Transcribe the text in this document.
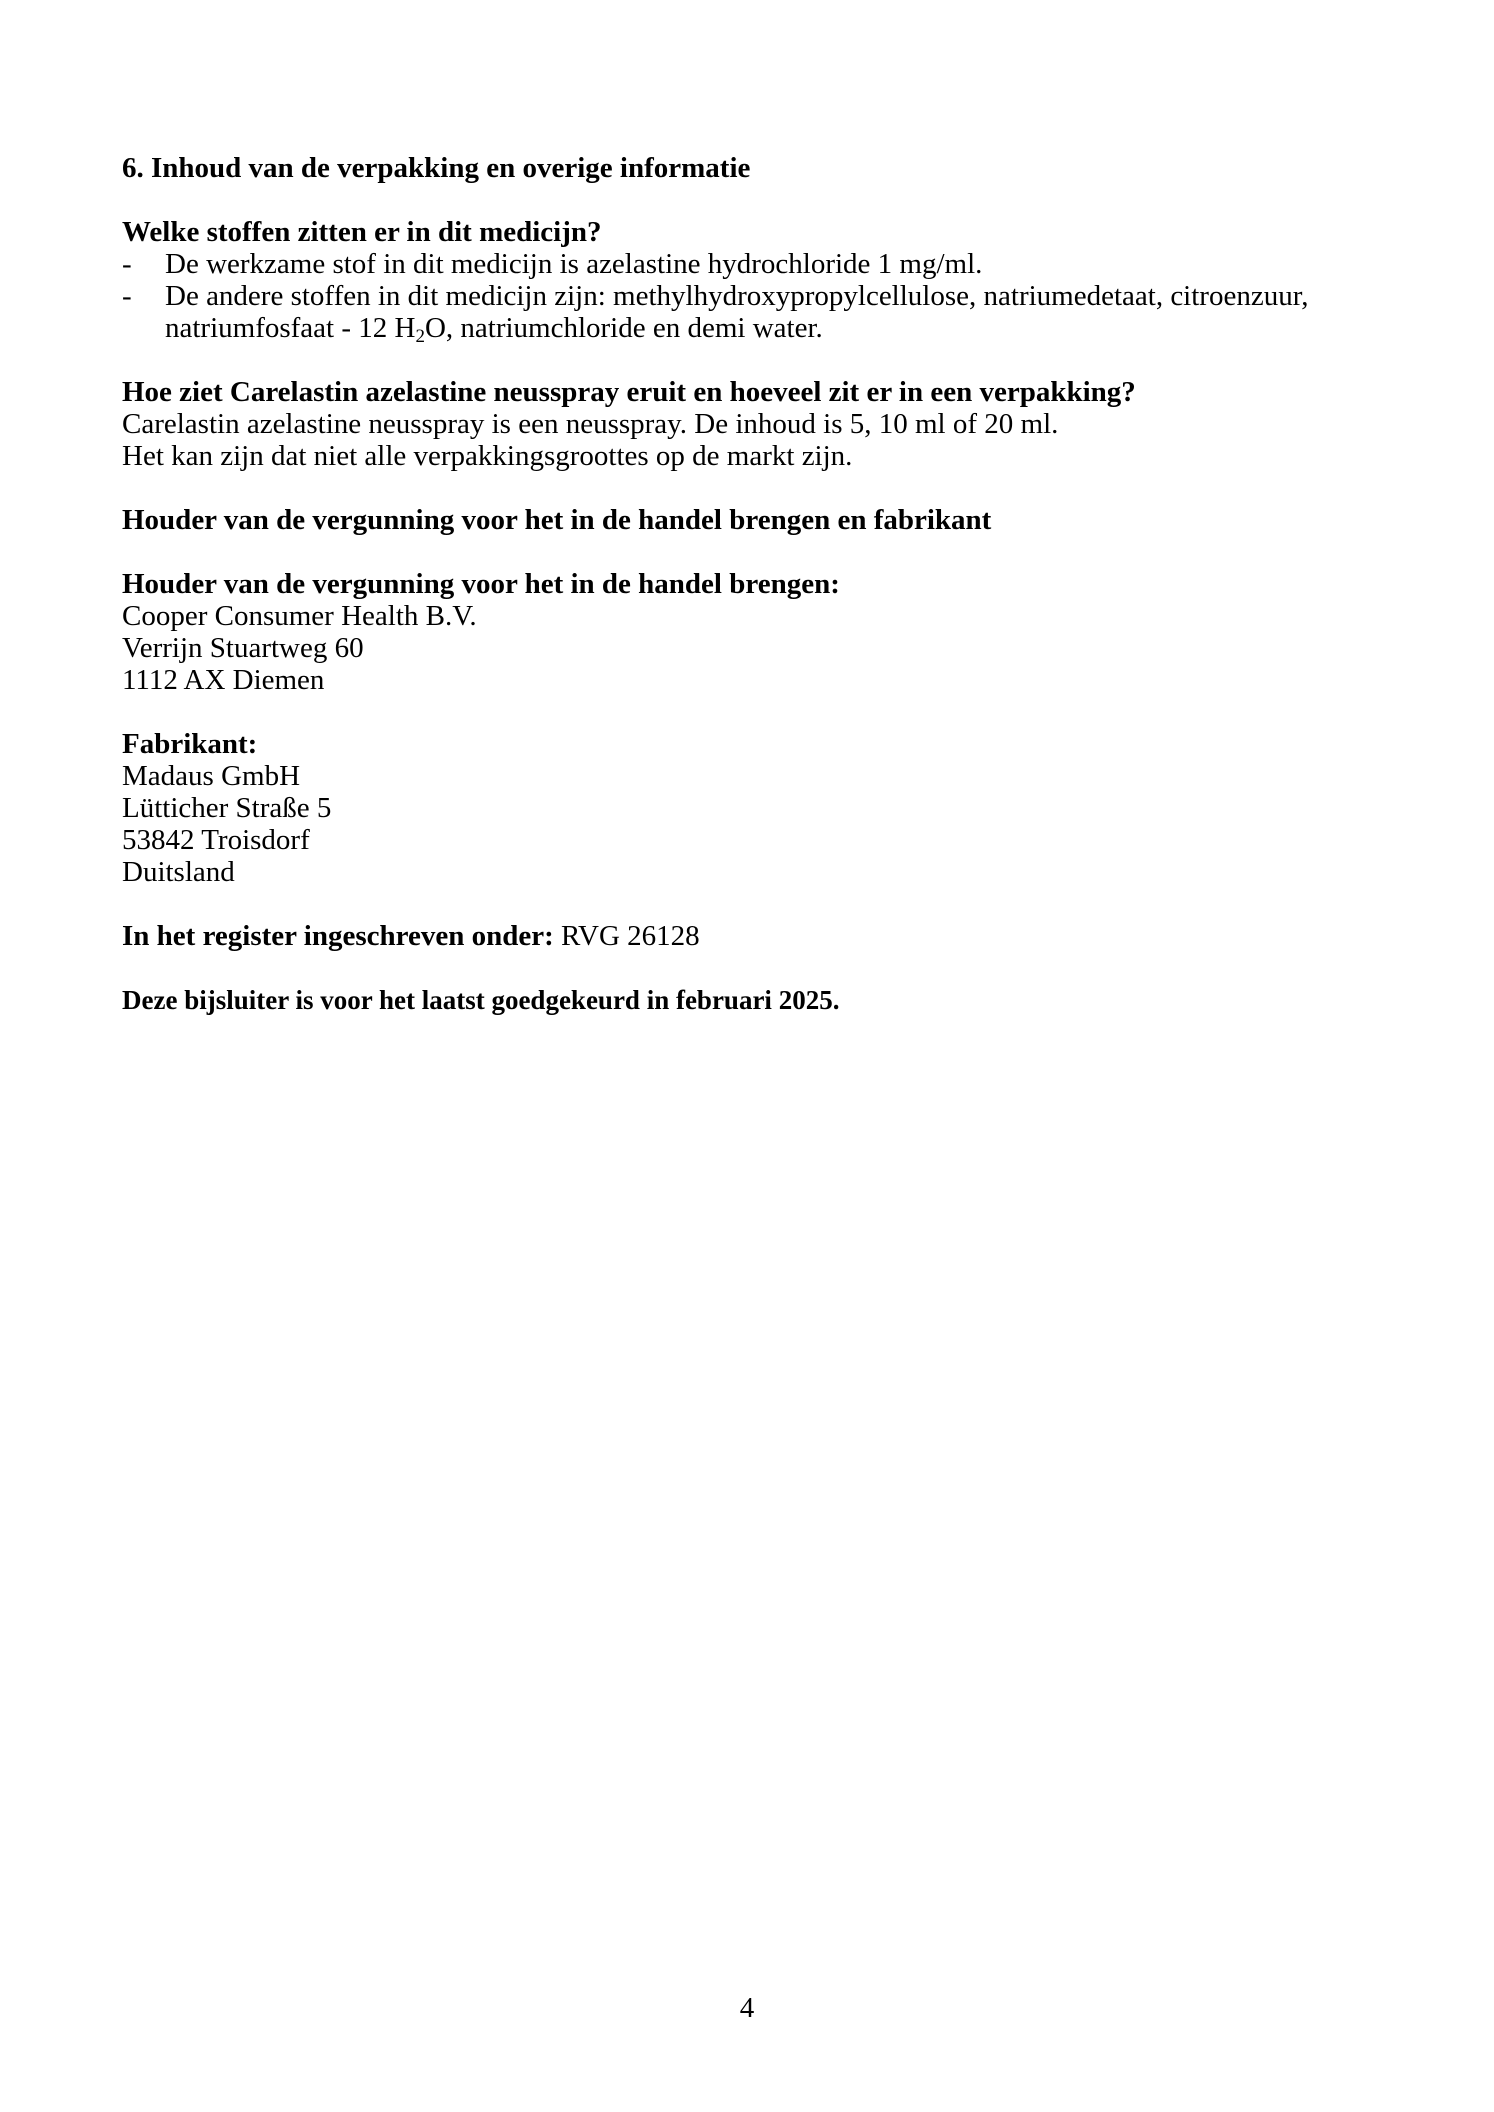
6. Inhoud van de verpakking en overige informatie
Welke stoffen zitten er in dit medicijn?
-	De werkzame stof in dit medicijn is azelastine hydrochloride 1 mg/ml.
-	De andere stoffen in dit medicijn zijn: methylhydroxypropylcellulose, natriumedetaat, citroenzuur,
natriumfosfaat - 12 $H_2O$, natriumchloride en demi water.
Hoe ziet Carelastin azelastine neusspray eruit en hoeveel zit er in een verpakking?
Carelastin azelastine neusspray is een neusspray. De inhoud is 5, 10 ml of 20 ml.
Het kan zijn dat niet alle verpakkingsgroottes op de markt zijn.
Houder van de vergunning voor het in de handel brengen en fabrikant
Houder van de vergunning voor het in de handel brengen:
Cooper Consumer Health B.V.
Verrijn Stuartweg 60
1112 AX Diemen
Fabrikant:
Madaus GmbH
Lütticher Straße 5
53842 Troisdorf
Duitsland
In het register ingeschreven onder: RVG 26128
Deze bijsluiter is voor het laatst goedgekeurd in februari 2025.
4
